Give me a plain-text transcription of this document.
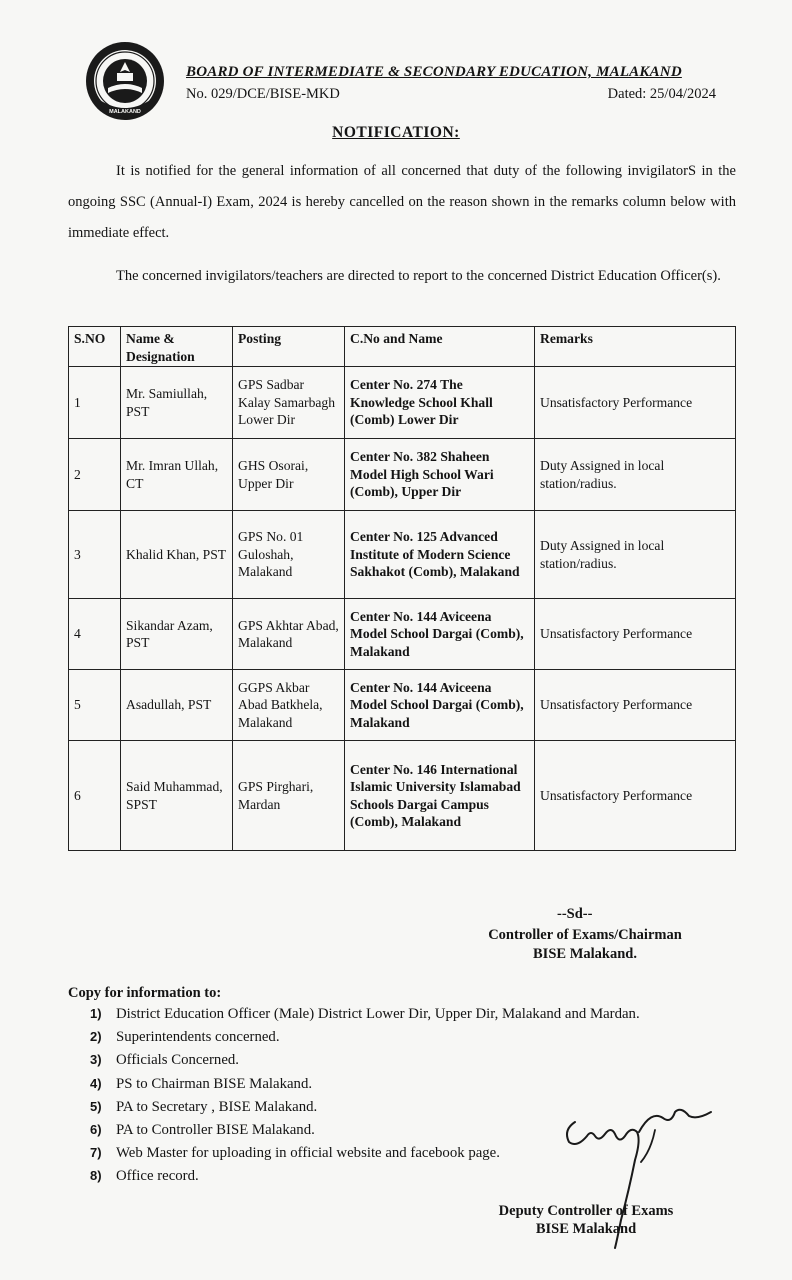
MALAKAND
BOARD OF INTERMEDIATE & SECONDARY EDUCATION, MALAKAND
No. 029/DCE/BISE-MKD	Dated: 25/04/2024
NOTIFICATION:
It is notified for the general information of all concerned that duty of the following invigilatorS in the ongoing SSC (Annual-I) Exam, 2024 is hereby cancelled on the reason shown in the remarks column below with immediate effect.
The concerned invigilators/teachers are directed to report to the concerned District Education Officer(s).
S.NO	Name & Designation	Posting	C.No and Name	Remarks
1	Mr. Samiullah, PST	GPS Sadbar Kalay Samarbagh Lower Dir	Center No. 274 The Knowledge School Khall (Comb) Lower Dir	Unsatisfactory Performance
2	Mr. Imran Ullah, CT	GHS Osorai, Upper Dir	Center No. 382 Shaheen Model High School Wari (Comb), Upper Dir	Duty Assigned in local station/radius.
3	Khalid Khan, PST	GPS No. 01 Guloshah, Malakand	Center No. 125 Advanced Institute of Modern Science Sakhakot (Comb), Malakand	Duty Assigned in local station/radius.
4	Sikandar Azam, PST	GPS Akhtar Abad, Malakand	Center No. 144 Aviceena Model School Dargai (Comb), Malakand	Unsatisfactory Performance
5	Asadullah, PST	GGPS Akbar Abad Batkhela, Malakand	Center No. 144 Aviceena Model School Dargai (Comb), Malakand	Unsatisfactory Performance
6	Said Muhammad, SPST	GPS Pirghari, Mardan	Center No. 146 International Islamic University Islamabad Schools Dargai Campus (Comb), Malakand	Unsatisfactory Performance
--Sd--
Controller of Exams/Chairman
BISE Malakand.
Copy for information to:
1) District Education Officer (Male) District Lower Dir, Upper Dir, Malakand and Mardan.
2) Superintendents concerned.
3) Officials Concerned.
4) PS to Chairman BISE Malakand.
5) PA to Secretary , BISE Malakand.
6) PA to Controller BISE Malakand.
7) Web Master for uploading in official website and facebook page.
8) Office record.
Deputy Controller of Exams
BISE Malakand
